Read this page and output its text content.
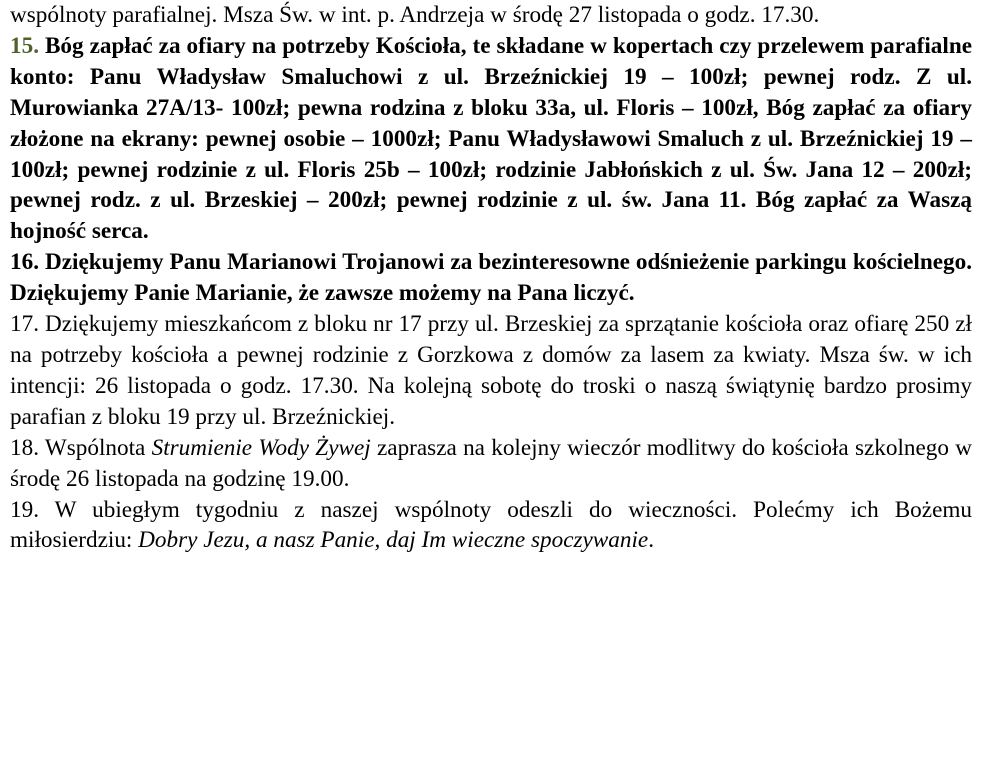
wspólnoty parafialnej. Msza Św. w int. p. Andrzeja w środę 27 listopada o godz. 17.30.

15. Bóg zapłać za ofiary na potrzeby Kościoła, te składane w kopertach czy przelewem parafialne konto: Panu Władysław Smaluchowi z ul. Brzeźnickiej 19 – 100zł; pewnej rodz. Z ul. Murowianka 27A/13- 100zł; pewna rodzina z bloku 33a, ul. Floris – 100zł, Bóg zapłać za ofiary złożone na ekrany: pewnej osobie – 1000zł; Panu Władysławowi Smaluch z ul. Brzeźnickiej 19 – 100zł; pewnej rodzinie z ul. Floris 25b – 100zł; rodzinie Jabłońskich z ul. Św. Jana 12 – 200zł; pewnej rodz. z ul. Brzeskiej – 200zł; pewnej rodzinie z ul. św. Jana 11. Bóg zapłać za Waszą hojność serca.

16. Dziękujemy Panu Marianowi Trojanowi za bezinteresowne odśnieżenie parkingu kościelnego. Dziękujemy Panie Marianie, że zawsze możemy na Pana liczyć.

17. Dziękujemy mieszkańcom z bloku nr 17 przy ul. Brzeskiej za sprzątanie kościoła oraz ofiarę 250 zł na potrzeby kościoła a pewnej rodzinie z Gorzkowa z domów za lasem za kwiaty. Msza św. w ich intencji: 26 listopada o godz. 17.30. Na kolejną sobotę do troski o naszą świątynię bardzo prosimy parafian z bloku 19 przy ul. Brzeźnickiej.

18. Wspólnota Strumienie Wody Żywej zaprasza na kolejny wieczór modlitwy do kościoła szkolnego w środę 26 listopada na godzinę 19.00.

19. W ubiegłym tygodniu z naszej wspólnoty odeszli do wieczności. Polećmy ich Bożemu miłosierdziu: Dobry Jezu, a nasz Panie, daj Im wieczne spoczywanie.
